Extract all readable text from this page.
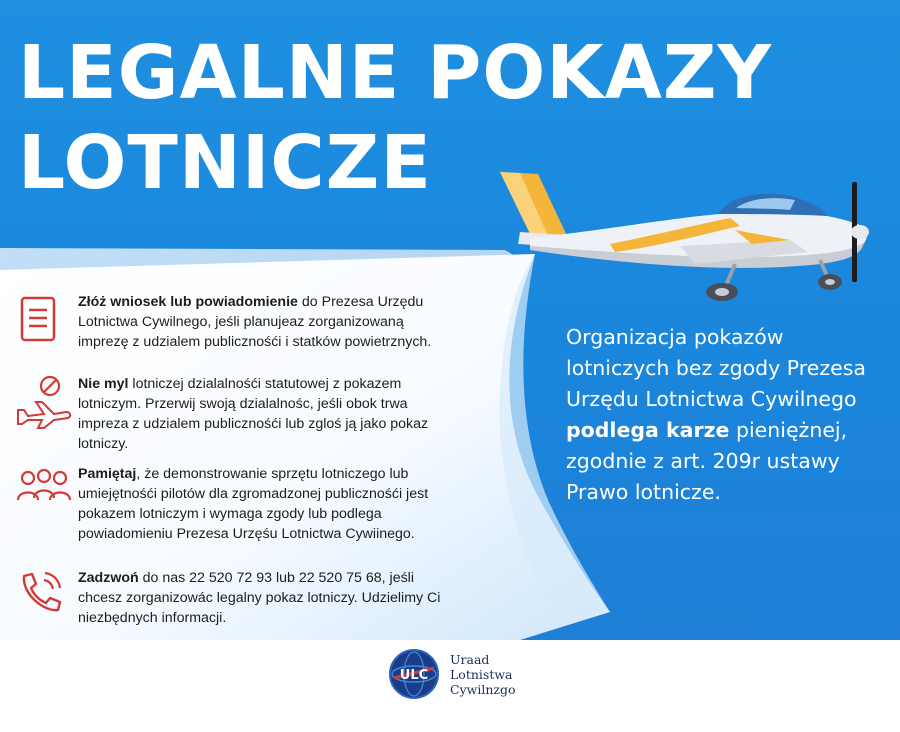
LEGALNE POKAZY
LOTNICZE
Złóż wniosek lub powiadomienie do Prezesa Urzędu Lotnictwa Cywilnego, jeśli planujeaz zorganizowaną imprezę z udzialem publicznośći i statków powietrznych.
Nie myl lotniczej dzialalnośći statutowej z pokazem lotniczym. Przerwij swoją dzialalnośc, jeśli obok trwa impreza z udzialem publicznośći lub zgloś ją jako pokaz lotniczy.
Pamiętaj, że demonstrowanie sprzętu lotniczego lub umiejętnośći pilotów dla zgromadzonej publicznośći jest pokazem lotniczym i wymaga zgody lub podlega powiadomieniu Prezesa Urzęśu Lotnictwa Cywiinego.
Zadzwoń do nas 22 520 72 93 lub 22 520 75 68, jeśli chcesz zorganizowác legalny pokaz lotniczy. Udzielimy Ci niezbędnych informacji.

Organizacja pokazów lotniczych bez zgody Prezesa Urzędu Lotnictwa Cywilnego podlega karze pieniężnej, zgodnie z art. 209r ustawy Prawo lotnicze.

ULC
Uraad
Lotnistwa
Cywilnzgo
